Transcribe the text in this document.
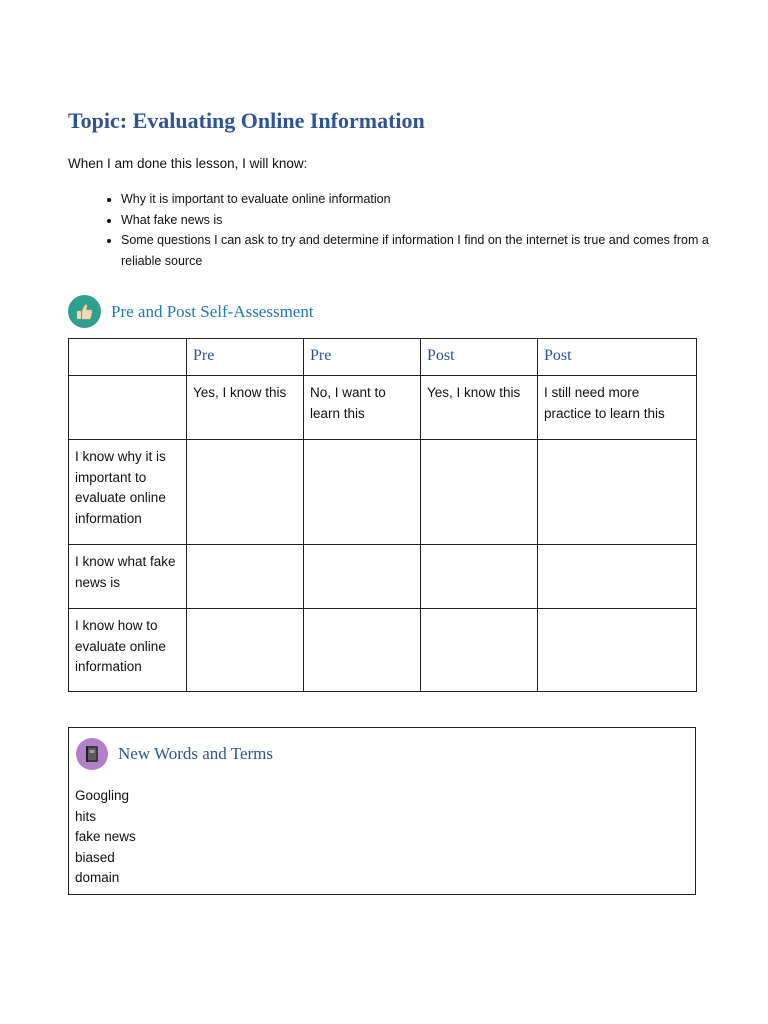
Topic: Evaluating Online Information

When I am done this lesson, I will know:

• Why it is important to evaluate online information
• What fake news is
• Some questions I can ask to try and determine if information I find on the internet is true and comes from a reliable source
Pre and Post Self-Assessment
	Pre	Pre	Post	Post
	Yes, I know this	No, I want to learn this	Yes, I know this	I still need more practice to learn this
I know why it is important to evaluate online information				
I know what fake news is				
I know how to evaluate online information				
New Words and Terms
Googling
hits
fake news
biased
domain
